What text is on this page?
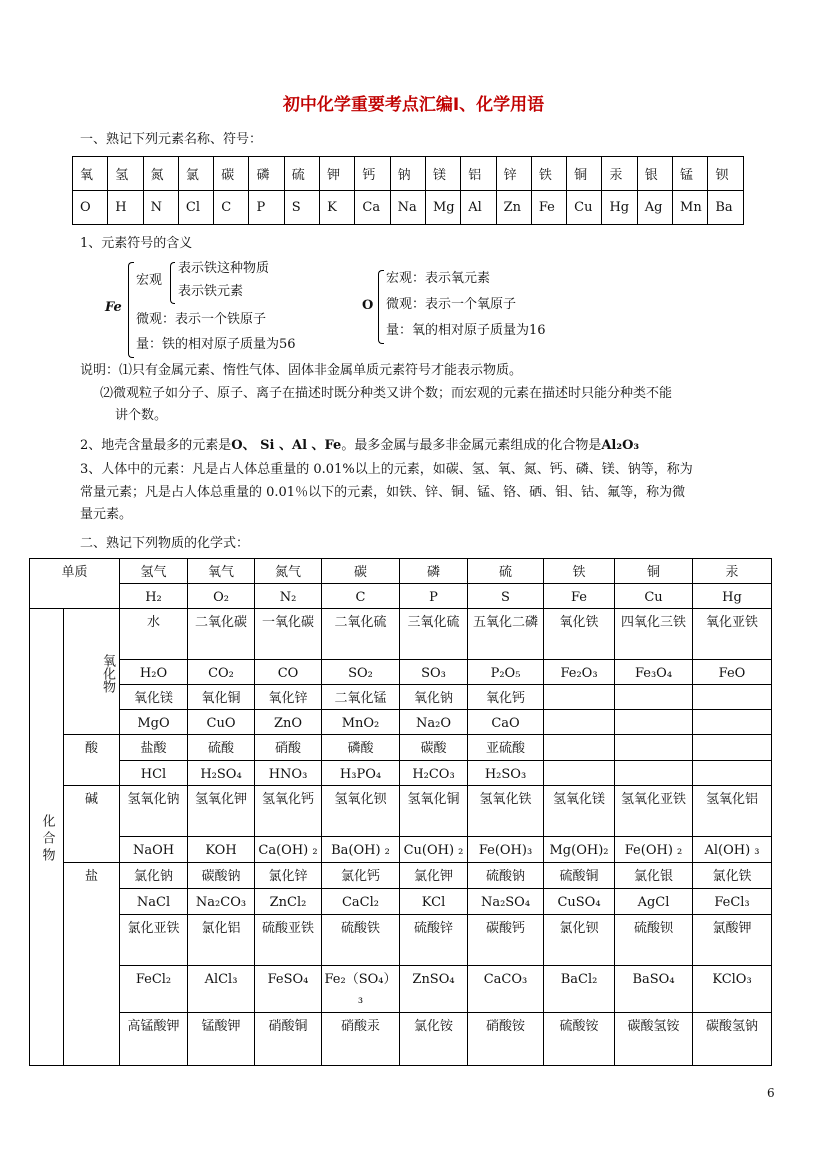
初中化学重要考点汇编Ⅰ、化学用语
一、熟记下列元素名称、符号：
氧	氢	氮	氯	碳	磷	硫	钾	钙	钠	镁	铝	锌	铁	铜	汞	银	锰	钡
O	H	N	Cl	C	P	S	K	Ca	Na	Mg	Al	Zn	Fe	Cu	Hg	Ag	Mn	Ba
1、元素符号的含义
Fe
宏观
表示铁这种物质
表示铁元素
微观：表示一个铁原子
量：铁的相对原子质量为56
O
宏观：表示氧元素
微观：表示一个氧原子
量：氧的相对原子质量为16
说明：⑴只有金属元素、惰性气体、固体非金属单质元素符号才能表示物质。
⑵微观粒子如分子、原子、离子在描述时既分种类又讲个数；而宏观的元素在描述时只能分种类不能
讲个数。
2、地壳含量最多的元素是O、 Si 、Al 、Fe。最多金属与最多非金属元素组成的化合物是Al₂O₃
3、人体中的元素：凡是占人体总重量的 0.01%以上的元素，如碳、氢、氧、氮、钙、磷、镁、钠等，称为
常量元素；凡是占人体总重量的 0.01％以下的元素，如铁、锌、铜、锰、铬、硒、钼、钴、氟等，称为微
量元素。
二、熟记下列物质的化学式：
单质		氢气	氧气	氮气	碳	磷	硫	铁	铜	汞
		H₂	O₂	N₂	C	P	S	Fe	Cu	Hg
化合物	氧化物	水	二氧化碳	一氧化碳	二氧化硫	三氧化硫	五氧化二磷	氧化铁	四氧化三铁	氧化亚铁
		H₂O	CO₂	CO	SO₂	SO₃	P₂O₅	Fe₂O₃	Fe₃O₄	FeO
		氧化镁	氧化铜	氧化锌	二氧化锰	氧化钠	氧化钙			
		MgO	CuO	ZnO	MnO₂	Na₂O	CaO			
	酸	盐酸	硫酸	硝酸	磷酸	碳酸	亚硫酸			
		HCl	H₂SO₄	HNO₃	H₃PO₄	H₂CO₃	H₂SO₃			
	碱	氢氧化钠	氢氧化钾	氢氧化钙	氢氧化钡	氢氧化铜	氢氧化铁	氢氧化镁	氢氧化亚铁	氢氧化铝
		NaOH	KOH	Ca(OH) ₂	Ba(OH) ₂	Cu(OH) ₂	Fe(OH)₃	Mg(OH)₂	Fe(OH) ₂	Al(OH) ₃
	盐	氯化钠	碳酸钠	氯化锌	氯化钙	氯化钾	硫酸钠	硫酸铜	氯化银	氯化铁
		NaCl	Na₂CO₃	ZnCl₂	CaCl₂	KCl	Na₂SO₄	CuSO₄	AgCl	FeCl₃
		氯化亚铁	氯化铝	硫酸亚铁	硫酸铁	硫酸锌	碳酸钙	氯化钡	硫酸钡	氯酸钾
		FeCl₂	AlCl₃	FeSO₄	Fe₂（SO₄）₃	ZnSO₄	CaCO₃	BaCl₂	BaSO₄	KClO₃
		高锰酸钾	锰酸钾	硝酸铜	硝酸汞	氯化铵	硝酸铵	硫酸铵	碳酸氢铵	碳酸氢钠
6
